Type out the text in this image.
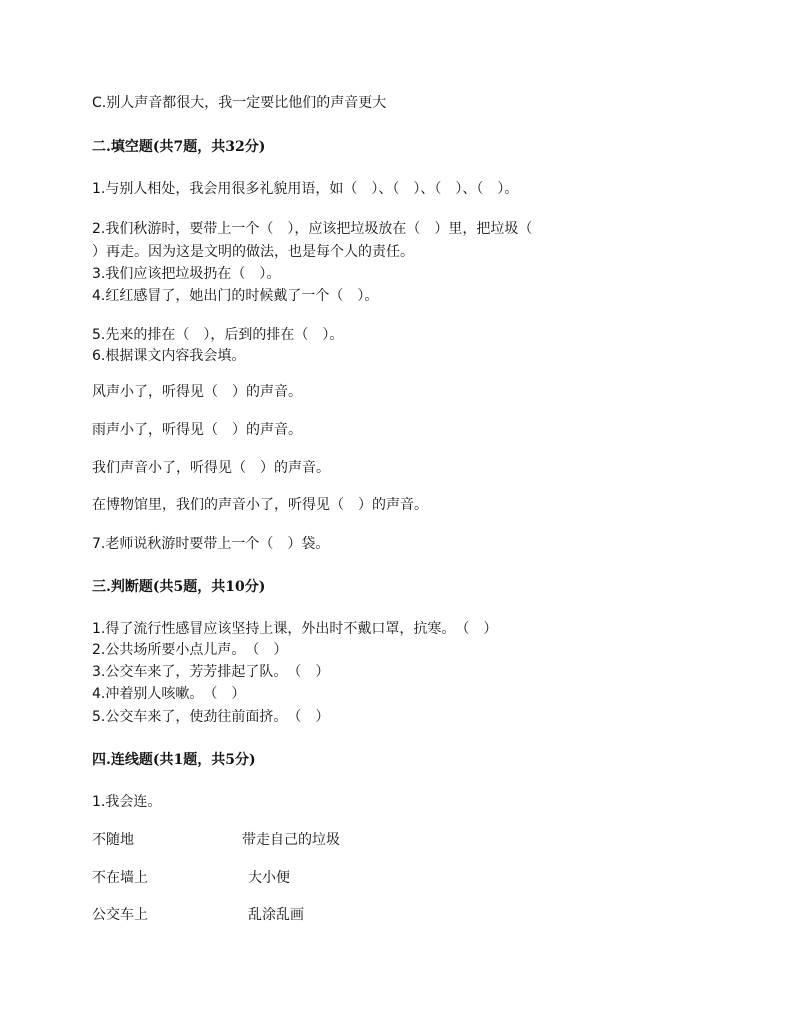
C.别人声音都很大，我一定要比他们的声音更大
二.填空题(共7题，共32分)
1.与别人相处，我会用很多礼貌用语，如（　）、（　）、（　）、（　）。
2.我们秋游时，要带上一个（　），应该把垃圾放在（　）里，把垃圾（
）再走。因为这是文明的做法，也是每个人的责任。
3.我们应该把垃圾扔在（　）。
4.红红感冒了，她出门的时候戴了一个（　）。
5.先来的排在（　），后到的排在（　）。
6.根据课文内容我会填。
风声小了，听得见（　）的声音。
雨声小了，听得见（　）的声音。
我们声音小了，听得见（　）的声音。
在博物馆里，我们的声音小了，听得见（　）的声音。
7.老师说秋游时要带上一个（　）袋。
三.判断题(共5题，共10分)
1.得了流行性感冒应该坚持上课，外出时不戴口罩，抗寒。　（　）
2.公共场所要小点儿声。　（　）
3.公交车来了，芳芳排起了队。　（　）
4.冲着别人咳嗽。　（　）
5.公交车来了，使劲往前面挤。　（　）
四.连线题(共1题，共5分)
1.我会连。
不随地	带走自己的垃圾
不在墙上	大小便
公交车上	乱涂乱画
